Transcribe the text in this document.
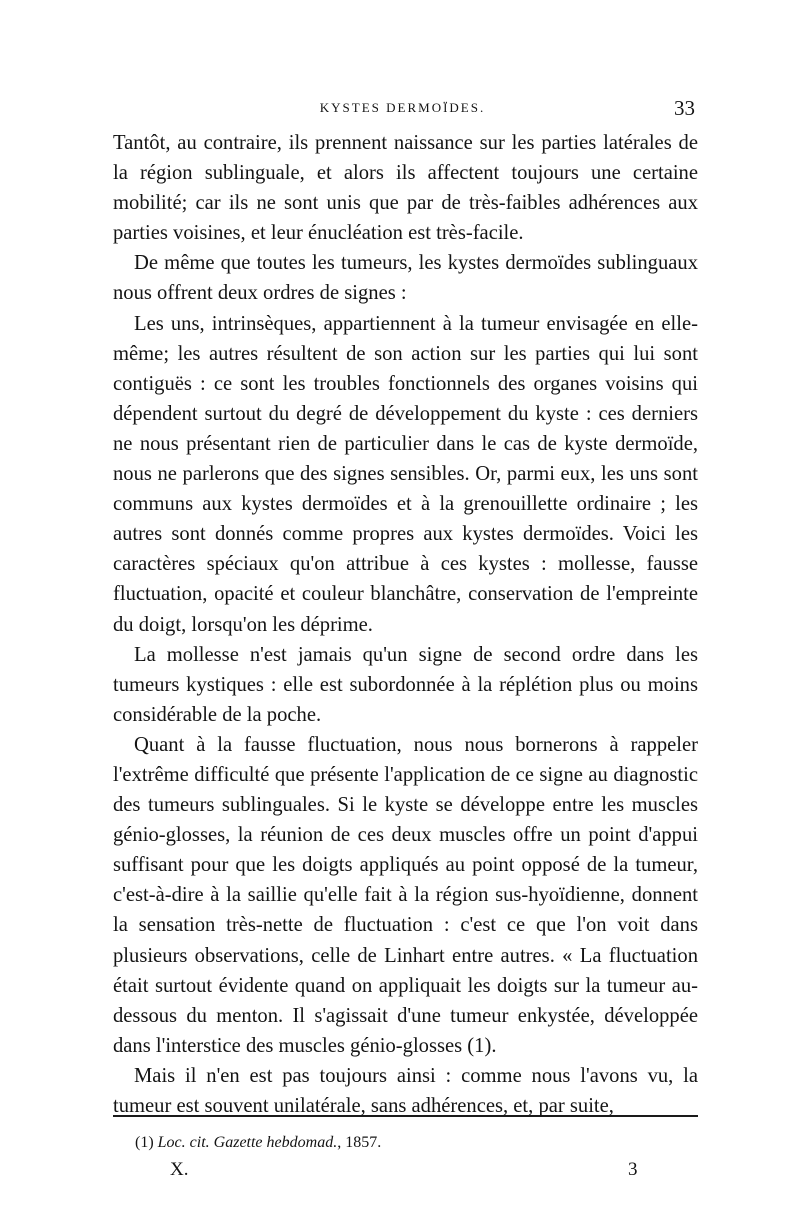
KYSTES DERMOÏDES.	33

Tantôt, au contraire, ils prennent naissance sur les parties latérales de la région sublinguale, et alors ils affectent toujours une certaine mobilité; car ils ne sont unis que par de très-faibles adhérences aux parties voisines, et leur énucléation est très-facile.

De même que toutes les tumeurs, les kystes dermoïdes sublinguaux nous offrent deux ordres de signes :

Les uns, intrinsèques, appartiennent à la tumeur envisagée en elle-même; les autres résultent de son action sur les parties qui lui sont contiguës : ce sont les troubles fonctionnels des organes voisins qui dépendent surtout du degré de développement du kyste : ces derniers ne nous présentant rien de particulier dans le cas de kyste dermoïde, nous ne parlerons que des signes sensibles. Or, parmi eux, les uns sont communs aux kystes dermoïdes et à la grenouillette ordinaire ; les autres sont donnés comme propres aux kystes dermoïdes. Voici les caractères spéciaux qu'on attribue à ces kystes : mollesse, fausse fluctuation, opacité et couleur blanchâtre, conservation de l'empreinte du doigt, lorsqu'on les déprime.

La mollesse n'est jamais qu'un signe de second ordre dans les tumeurs kystiques : elle est subordonnée à la réplétion plus ou moins considérable de la poche.

Quant à la fausse fluctuation, nous nous bornerons à rappeler l'extrême difficulté que présente l'application de ce signe au diagnostic des tumeurs sublinguales. Si le kyste se développe entre les muscles génio-glosses, la réunion de ces deux muscles offre un point d'appui suffisant pour que les doigts appliqués au point opposé de la tumeur, c'est-à-dire à la saillie qu'elle fait à la région sus-hyoïdienne, donnent la sensation très-nette de fluctuation : c'est ce que l'on voit dans plusieurs observations, celle de Linhart entre autres. « La fluctuation était surtout évidente quand on appliquait les doigts sur la tumeur au-dessous du menton. Il s'agissait d'une tumeur enkystée, développée dans l'interstice des muscles génio-glosses (1).

Mais il n'en est pas toujours ainsi : comme nous l'avons vu, la tumeur est souvent unilatérale, sans adhérences, et, par suite,

(1) Loc. cit. Gazette hebdomad., 1857.
X.	3
